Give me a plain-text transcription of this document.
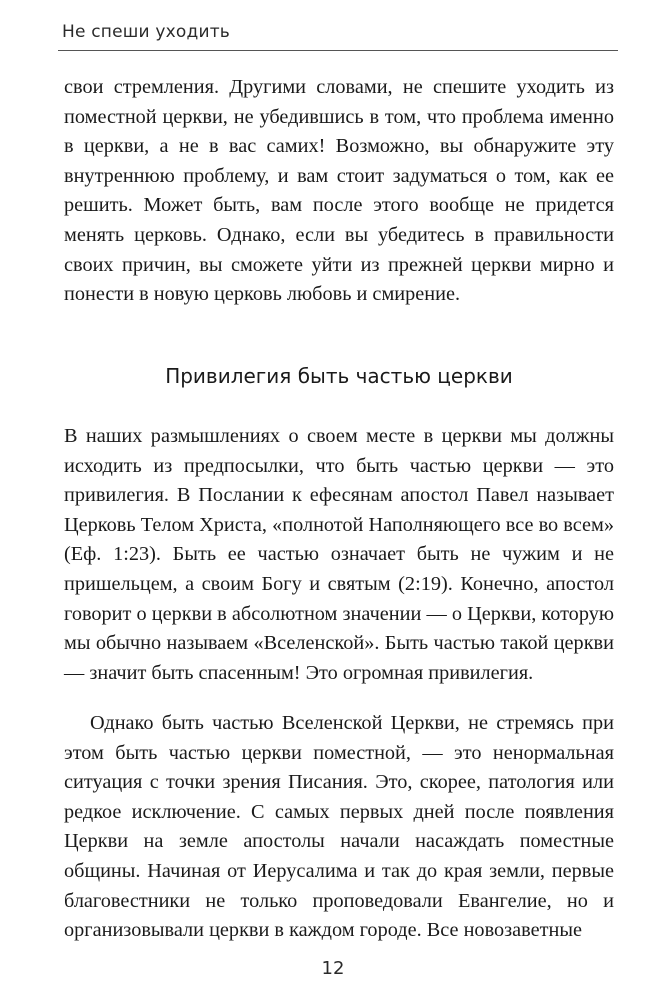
Не спеши уходить

свои стремления. Другими словами, не спешите уходить из поместной церкви, не убедившись в том, что проблема именно в церкви, а не в вас самих! Возможно, вы обнаружите эту внутреннюю проблему, и вам стоит задуматься о том, как ее решить. Может быть, вам после этого вообще не придется менять церковь. Однако, если вы убедитесь в правильности своих причин, вы сможете уйти из прежней церкви мирно и понести в новую церковь любовь и смирение.

Привилегия быть частью церкви

В наших размышлениях о своем месте в церкви мы должны исходить из предпосылки, что быть частью церкви — это привилегия. В Послании к ефесянам апостол Павел называет Церковь Телом Христа, «полнотой Наполняющего все во всем» (Еф. 1:23). Быть ее частью означает быть не чужим и не пришельцем, а своим Богу и святым (2:19). Конечно, апостол говорит о церкви в абсолютном значении — о Церкви, которую мы обычно называем «Вселенской». Быть частью такой церкви — значит быть спасенным! Это огромная привилегия.

Однако быть частью Вселенской Церкви, не стремясь при этом быть частью церкви поместной, — это ненормальная ситуация с точки зрения Писания. Это, скорее, патология или редкое исключение. С самых первых дней после появления Церкви на земле апостолы начали насаждать поместные общины. Начиная от Иерусалима и так до края земли, первые благовестники не только проповедовали Евангелие, но и организовывали церкви в каждом городе. Все новозаветные

12
